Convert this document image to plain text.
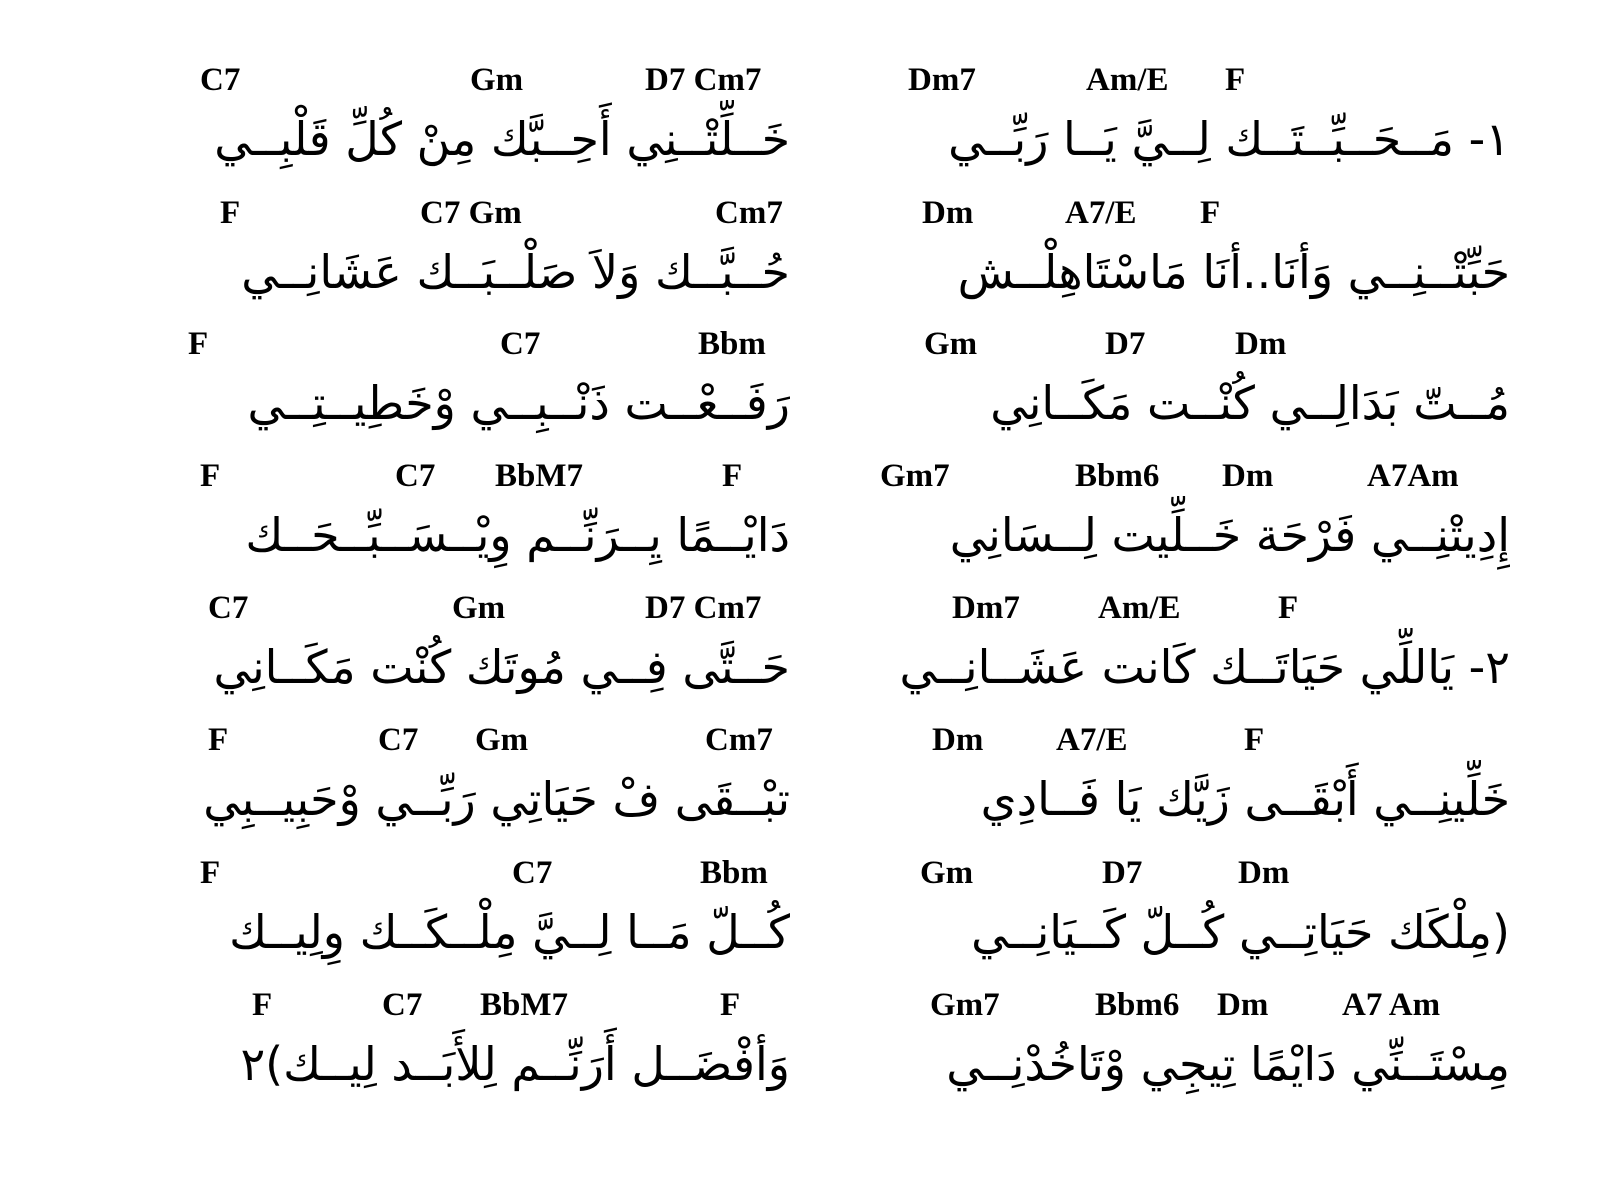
Dm7	Am/E F
١- مَــحَــبِّــتَــك لِــيَّ يَــا رَبِّــي
C7	Gm	D7 Cm7
خَــلِّتْــنِي أَحِــبَّك مِنْ كُلِّ قَلْبِــي
Dm	A7/E F
حَبِّتْــنِــي وَأنَا..أنَا مَاسْتَاهِلْــش
F	C7 Gm	Cm7
حُــبَّــك وَلاَ صَلْــبَــك عَشَانِــي
Gm	D7	Dm
مُــتّ بَدَالِــي كُنْــت مَكَــانِي
F	C7	Bbm
رَفَــعْــت ذَنْــبِــي وْخَطِيــتِــي
Gm7	Bbm6 Dm	A7Am
إِدِيتْنِــي فَرْحَة خَــلِّيت لِــسَانِي
F	C7 BbM7	F
دَايْــمًا يِــرَنِّــم وِيْــسَــبِّــحَــك
Dm7 Am/E	F
٢- يَاللِّي حَيَاتَــك كَانت عَشَــانِــي
C7	Gm	D7 Cm7
حَــتَّى فِــي مُوتَك كُنْت مَكَــانِي
Dm A7/E	F
خَلِّينِــي أَبْقَــى زَيَّك يَا فَــادِي
F	C7 Gm	Cm7
تبْــقَى فْ حَيَاتِي رَبِّــي وْحَبِيــبِي
Gm	D7	Dm
(مِلْكَك حَيَاتِــي كُــلّ كَــيَانِــي
F	C7	Bbm
كُــلّ مَــا لِــيَّ مِلْــكَــك وِلِيــك
Gm7	Bbm6 Dm A7 Am
مِسْتَــنِّي دَايْمًا تِيجِي وْتَاخُدْنِــي
F	C7 BbM7	F
وَأفْضَــل أَرَنِّــم لِلأَبَــد لِيــك)٢
